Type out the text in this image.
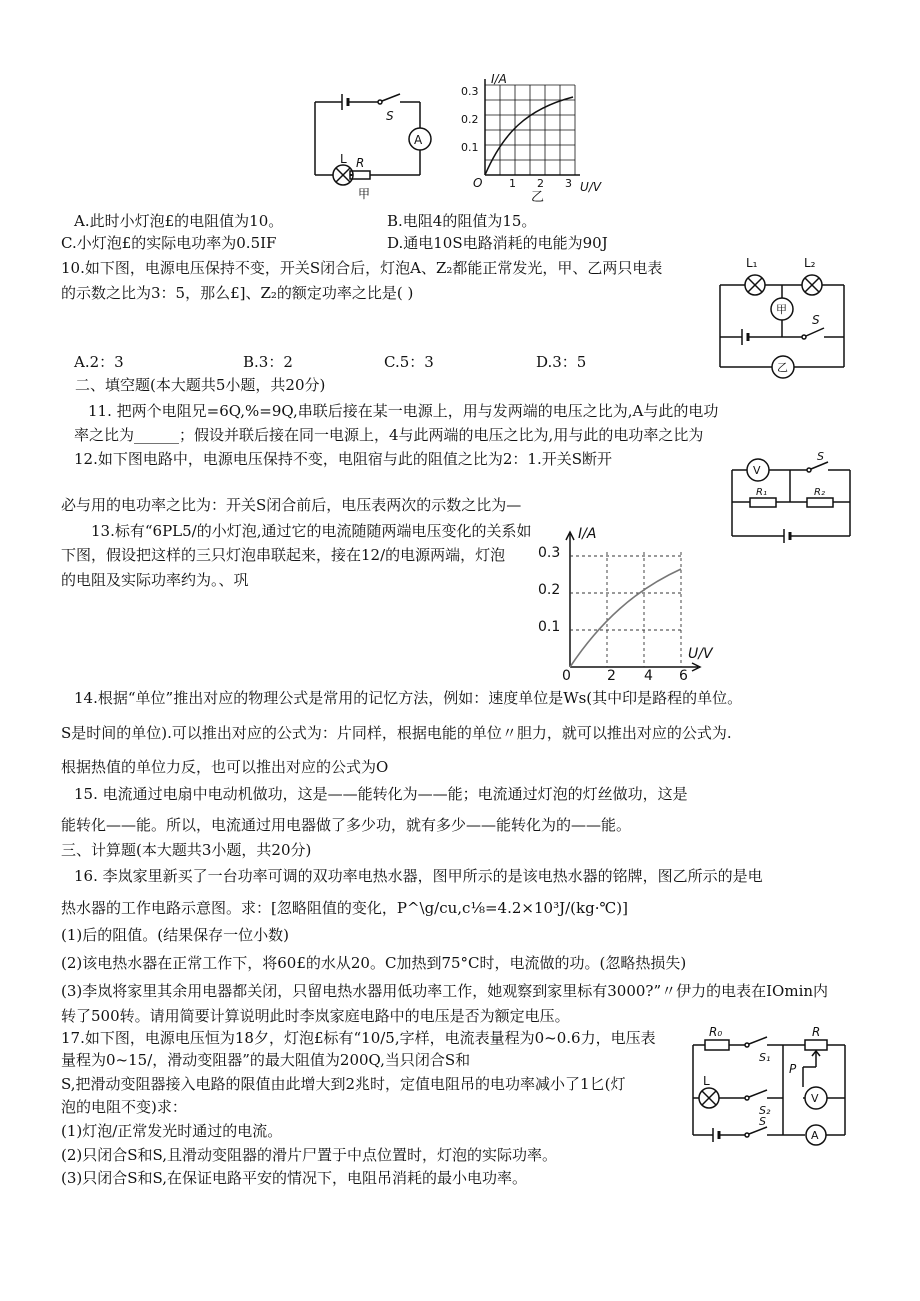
A
S
L R
甲
I/A
U/V
O
0.3
0.2
0.1
1 2 3
乙
A.此时小灯泡£的电阻值为10。	B.电阻4的阻值为15。
C.小灯泡£的实际电功率为0.5IF	D.通电10S电路消耗的电能为90J
10.如下图，电源电压保持不变，开关S闭合后，灯泡A、Z₂都能正常发光，甲、乙两只电表
的示数之比为3：5，那么£]、Z₂的额定功率之比是( )
L₁	L₂
甲
乙
S
A.2：3	B.3：2	C.5：3	D.3：5
二、填空题(本大题共5小题，共20分)
11. 把两个电阻兄=6Q,%=9Q,串联后接在某一电源上，用与发两端的电压之比为,A与此的电功
率之比为______；假设并联后接在同一电源上，4与此两端的电压之比为,用与此的电功率之比为
12.如下图电路中，电源电压保持不变，电阻宿与此的阻值之比为2：1.开关S断开
必与用的电功率之比为：开关S闭合前后，电压表两次的示数之比为—
V
S
R₁	R₂
13.标有“6PL5/的小灯泡,通过它的电流随随两端电压变化的关系如
下图，假设把这样的三只灯泡串联起来，接在12/的电源两端，灯泡
的电阻及实际功率约为。、巩
I/A
U/V
0
0.3
0.2
0.1
2 4 6
14.根据“单位”推出对应的物理公式是常用的记忆方法，例如：速度单位是Ws(其中印是路程的单位。
S是时间的单位).可以推出对应的公式为：片同样，根据电能的单位〃胆力，就可以推出对应的公式为.
根据热值的单位力反，也可以推出对应的公式为O
15. 电流通过电扇中电动机做功，这是——能转化为——能；电流通过灯泡的灯丝做功，这是
能转化——能。所以，电流通过用电器做了多少功，就有多少——能转化为的——能。
三、计算题(本大题共3小题，共20分)
16. 李岚家里新买了一台功率可调的双功率电热水器，图甲所示的是该电热水器的铭牌，图乙所示的是电
热水器的工作电路示意图。求：[忽略阻值的变化，P^\g/cu,c⅛=4.2×10³J/(kg·℃)]
(1)后的阻值。(结果保存一位小数)
(2)该电热水器在正常工作下，将60£的水从20。C加热到75°C时，电流做的功。(忽略热损失)
(3)李岚将家里其余用电器都关闭，只留电热水器用低功率工作，她观察到家里标有3000?”〃伊力的电表在IOmin内
转了500转。请用简要计算说明此时李岚家庭电路中的电压是否为额定电压。
17.如下图，电源电压恒为18夕，灯泡£标有“10/5,字样，电流表量程为0~0.6力，电压表
量程为0~15/，滑动变阻器”的最大阻值为200Q,当只闭合S和
S,把滑动变阻器接入电路的限值由此增大到2兆时，定值电阻吊的电功率减小了1匕(灯
泡的电阻不变)求：
(1)灯泡/正常发光时通过的电流。
(2)只闭合S和S,且滑动变阻器的滑片尸置于中点位置时，灯泡的实际功率。
(3)只闭合S和S,在保证电路平安的情况下，电阻吊消耗的最小电功率。
R₀	R
S₁
P
L
S₂
V
S
A
